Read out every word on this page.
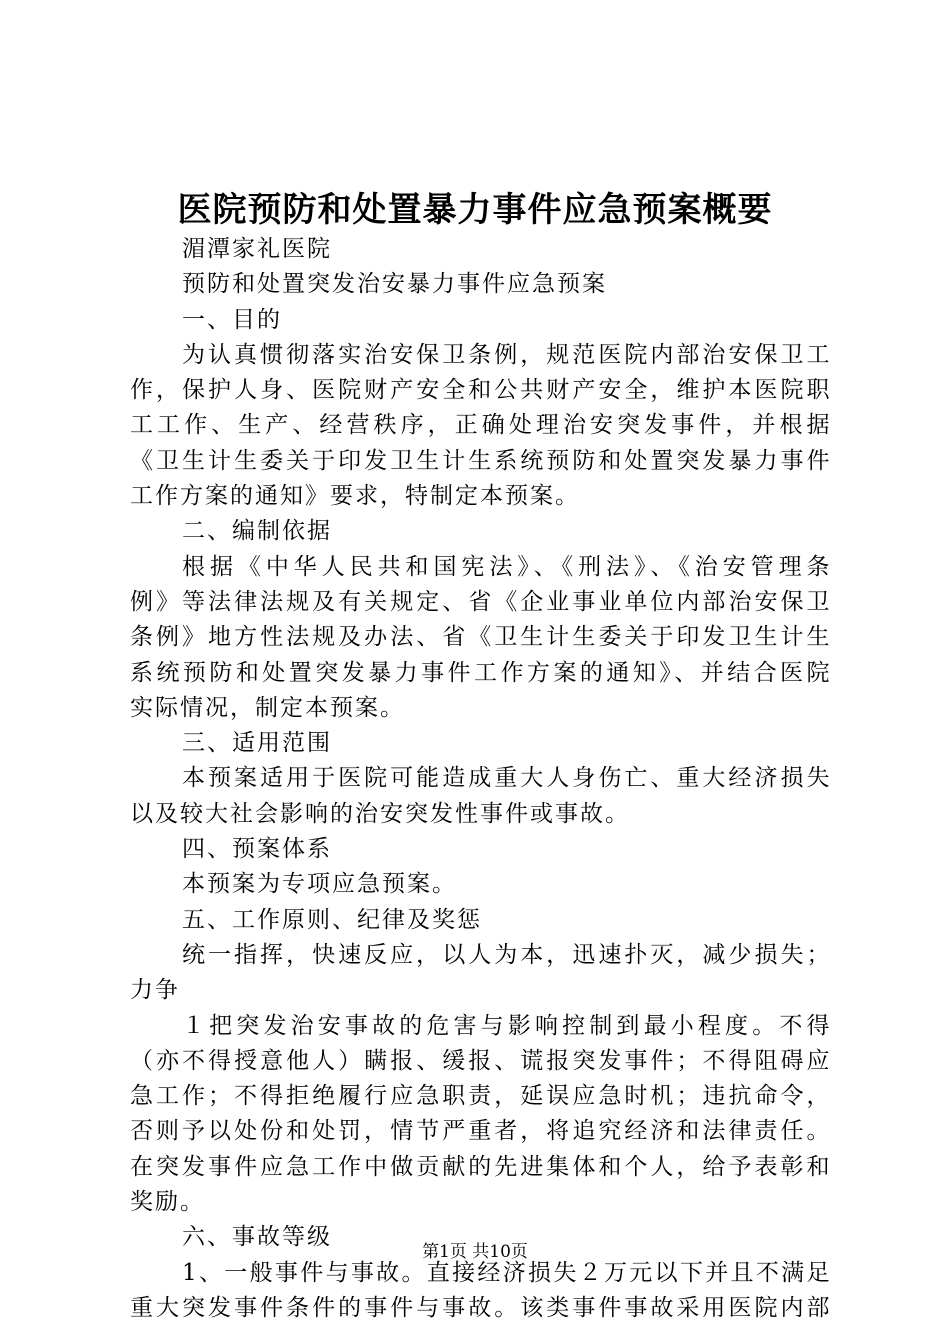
医院预防和处置暴力事件应急预案概要
湄潭家礼医院
预防和处置突发治安暴力事件应急预案
一、目的
为认真惯彻落实治安保卫条例，规范医院内部治安保卫工
作，保护人身、医院财产安全和公共财产安全，维护本医院职
工工作、生产、经营秩序，正确处理治安突发事件，并根据
《卫生计生委关于印发卫生计生系统预防和处置突发暴力事件
工作方案的通知》要求，特制定本预案。
二、编制依据
根据《中华人民共和国宪法》、《刑法》、《治安管理条
例》等法律法规及有关规定、省《企业事业单位内部治安保卫
条例》地方性法规及办法、省《卫生计生委关于印发卫生计生
系统预防和处置突发暴力事件工作方案的通知》、并结合医院
实际情况，制定本预案。
三、适用范围
本预案适用于医院可能造成重大人身伤亡、重大经济损失
以及较大社会影响的治安突发性事件或事故。
四、预案体系
本预案为专项应急预案。
五、工作原则、纪律及奖惩
统一指挥，快速反应，以人为本，迅速扑灭，减少损失；
力争
１把突发治安事故的危害与影响控制到最小程度。不得
（亦不得授意他人）瞒报、缓报、谎报突发事件；不得阻碍应
急工作；不得拒绝履行应急职责，延误应急时机；违抗命令，
否则予以处份和处罚，情节严重者，将追究经济和法律责任。
在突发事件应急工作中做贡献的先进集体和个人，给予表彰和
奖励。
六、事故等级
1、一般事件与事故。直接经济损失２万元以下并且不满足
重大突发事件条件的事件与事故。该类事件事故采用医院内部
第1页 共10页
